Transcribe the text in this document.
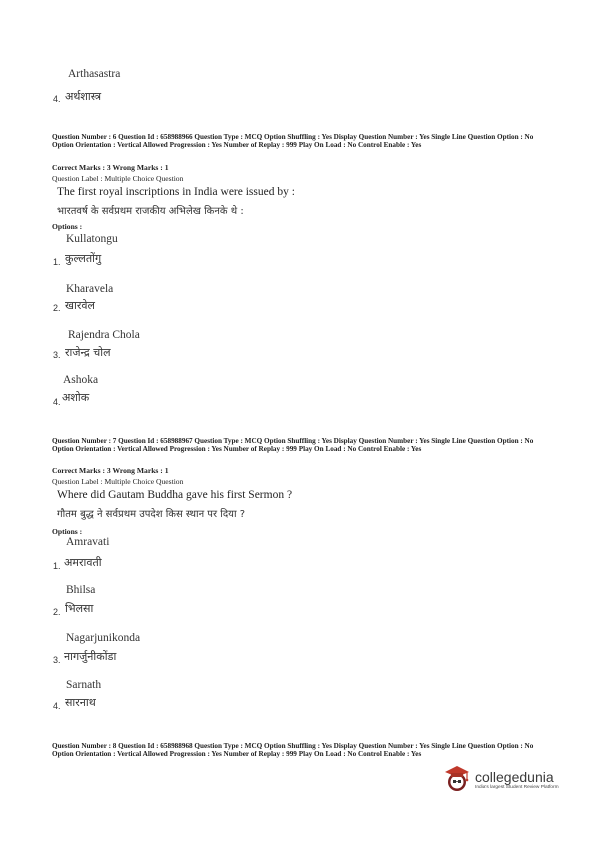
Arthasastra
4. अर्थशास्त्र
Question Number : 6 Question Id : 658988966 Question Type : MCQ Option Shuffling : Yes Display Question Number : Yes Single Line Question Option : No Option Orientation : Vertical Allowed Progression : Yes Number of Replay : 999 Play On Load : No Control Enable : Yes
Correct Marks : 3 Wrong Marks : 1
Question Label : Multiple Choice Question
The first royal inscriptions in India were issued by :
भारतवर्ष के सर्वप्रथम राजकीय अभिलेख किनके थे :
Options :
Kullatongu
1. कुल्लतोंगु
Kharavela
2. खारवेल
Rajendra Chola
3. राजेन्द्र चोल
Ashoka
4. अशोक
Question Number : 7 Question Id : 658988967 Question Type : MCQ Option Shuffling : Yes Display Question Number : Yes Single Line Question Option : No Option Orientation : Vertical Allowed Progression : Yes Number of Replay : 999 Play On Load : No Control Enable : Yes
Correct Marks : 3 Wrong Marks : 1
Question Label : Multiple Choice Question
Where did Gautam Buddha gave his first Sermon ?
गौतम बुद्ध ने सर्वप्रथम उपदेश किस स्थान पर दिया ?
Options :
Amravati
1. अमरावती
Bhilsa
2. भिलसा
Nagarjunikonda
3. नागर्जुनीकोंडा
Sarnath
4. सारनाथ
Question Number : 8 Question Id : 658988968 Question Type : MCQ Option Shuffling : Yes Display Question Number : Yes Single Line Question Option : No Option Orientation : Vertical Allowed Progression : Yes Number of Replay : 999 Play On Load : No Control Enable : Yes
collegedunia
India's largest Student Review Platform
